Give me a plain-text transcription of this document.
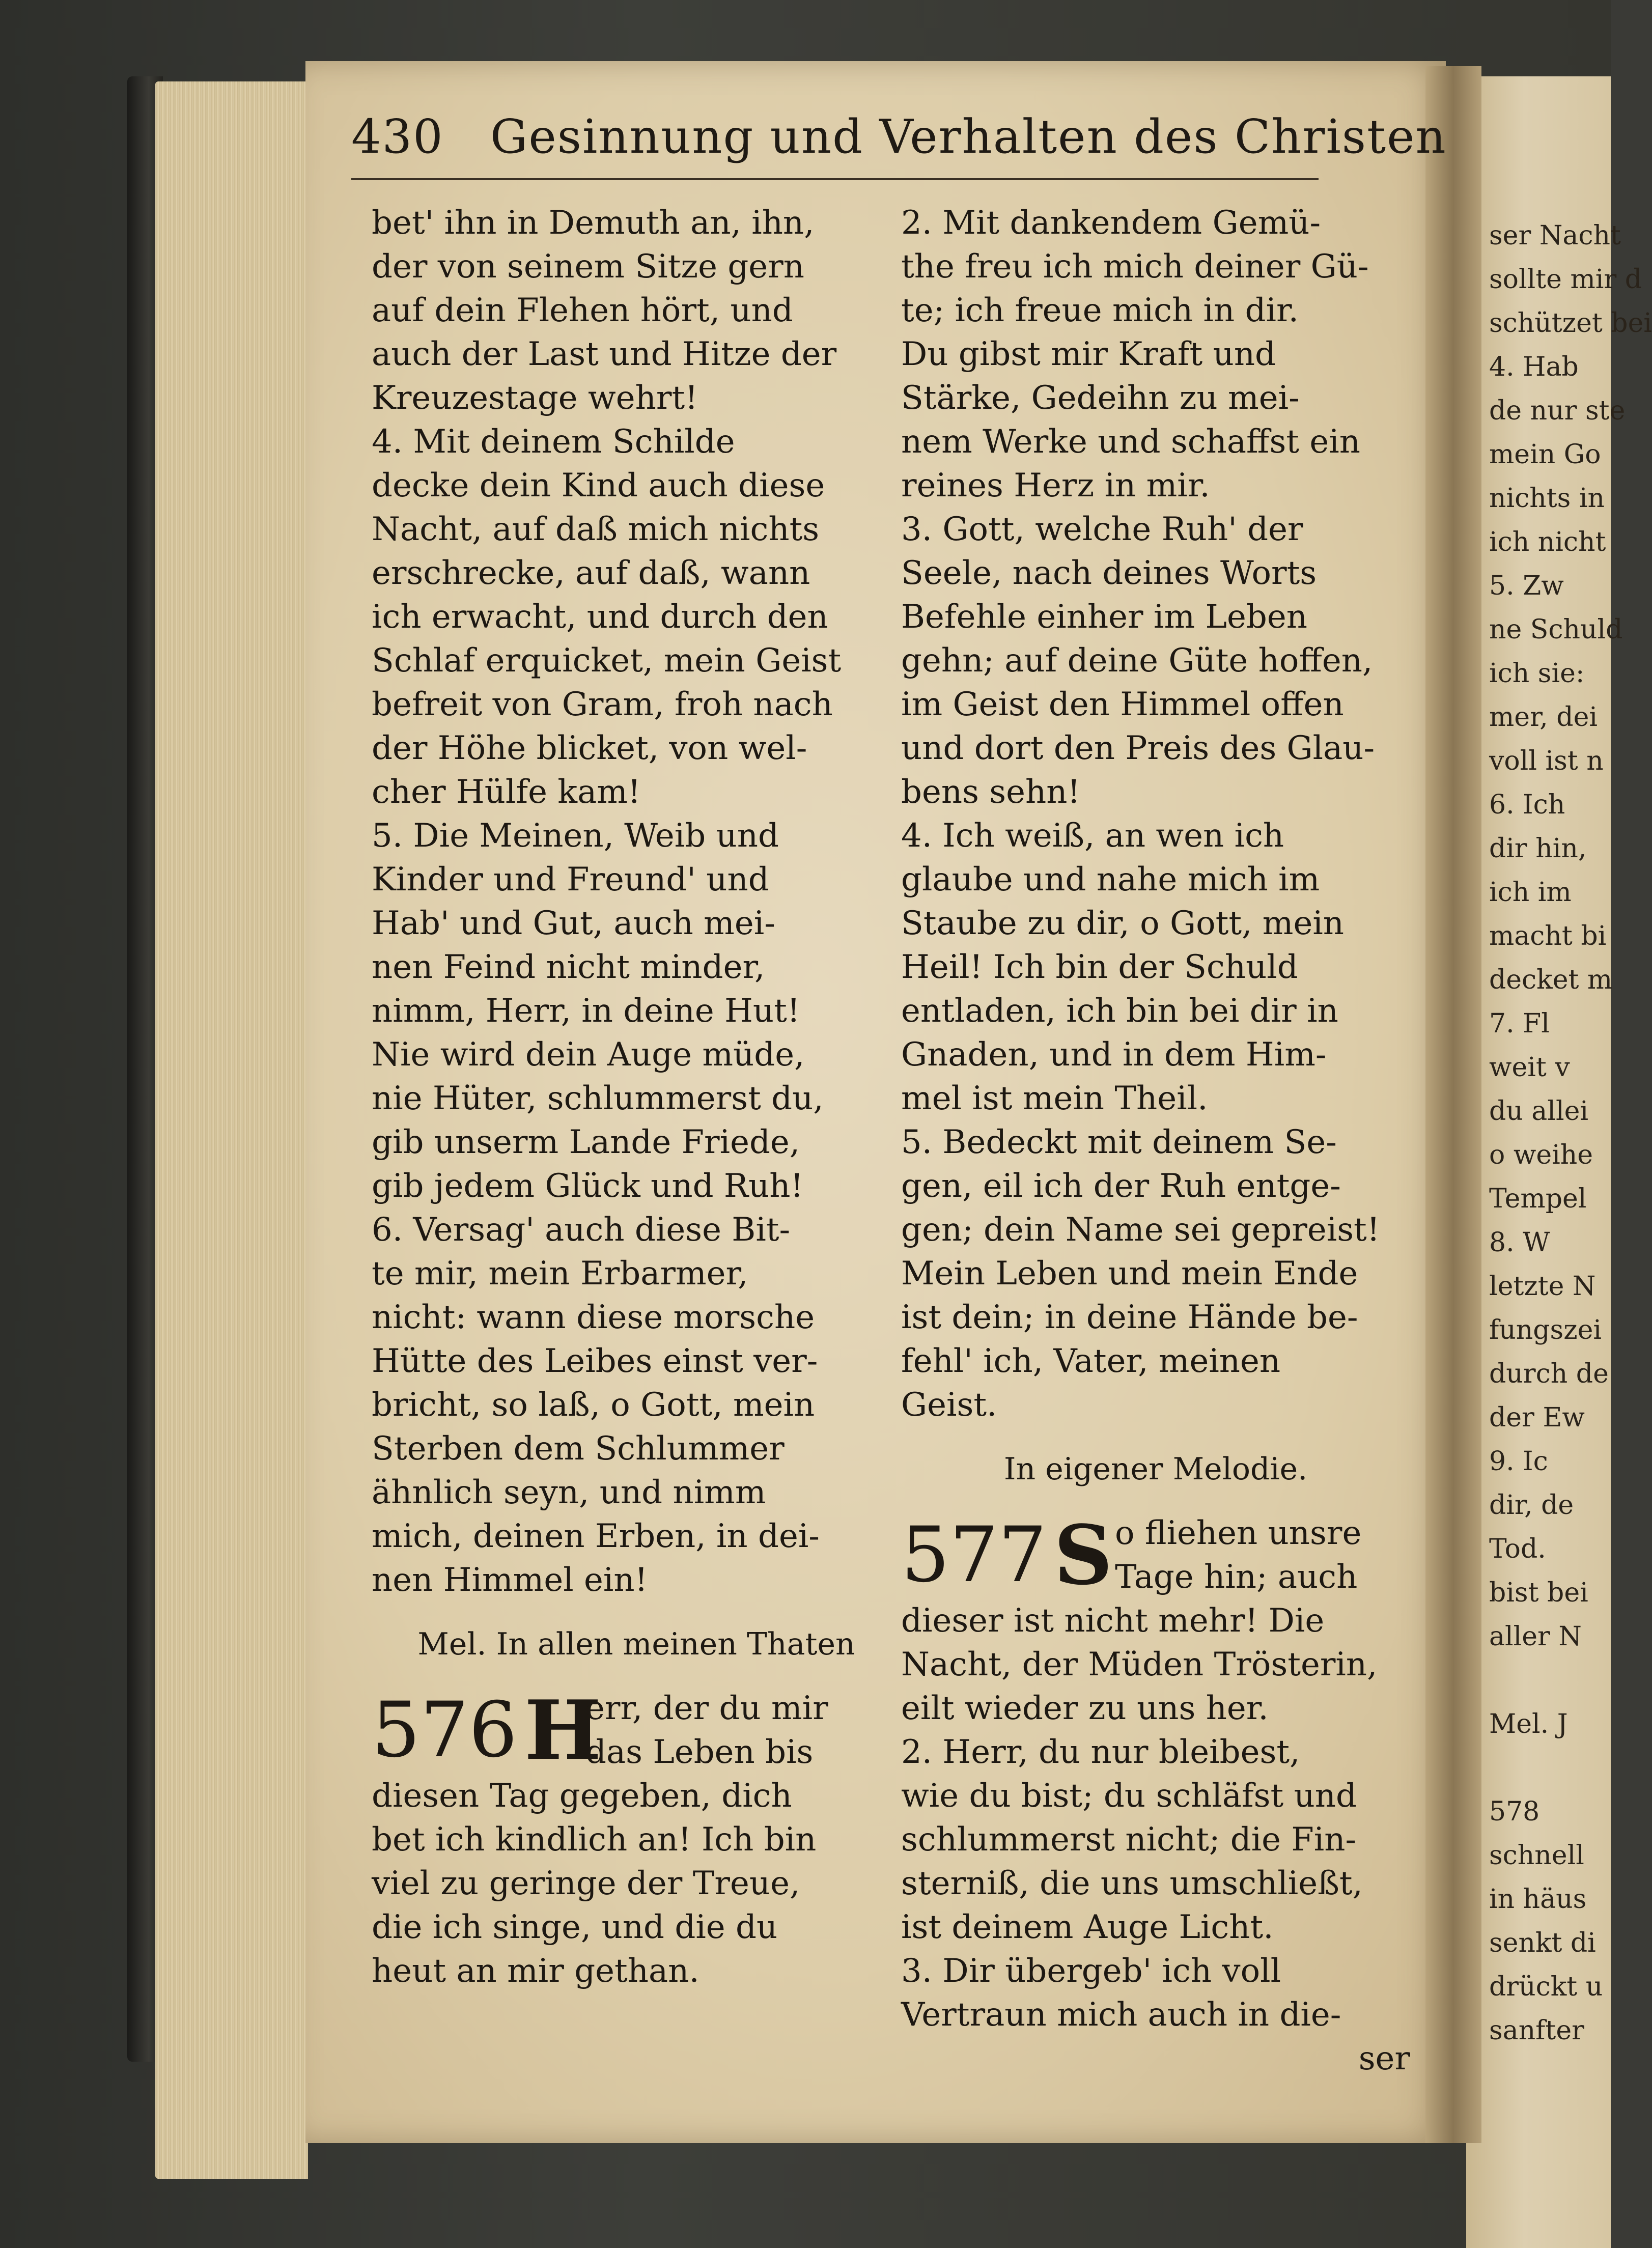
430 Gesinnung und Verhalten des Christen
bet' ihn in Demuth an, ihn,
der von seinem Sitze gern
auf dein Flehen hört, und
auch der Last und Hitze der
Kreuzestage wehrt!
4. Mit deinem Schilde
decke dein Kind auch diese
Nacht, auf daß mich nichts
erschrecke, auf daß, wann
ich erwacht, und durch den
Schlaf erquicket, mein Geist
befreit von Gram, froh nach
der Höhe blicket, von wel-
cher Hülfe kam!
5. Die Meinen, Weib und
Kinder und Freund' und
Hab' und Gut, auch mei-
nen Feind nicht minder,
nimm, Herr, in deine Hut!
Nie wird dein Auge müde,
nie Hüter, schlummerst du,
gib unserm Lande Friede,
gib jedem Glück und Ruh!
6. Versag' auch diese Bit-
te mir, mein Erbarmer,
nicht: wann diese morsche
Hütte des Leibes einst ver-
bricht, so laß, o Gott, mein
Sterben dem Schlummer
ähnlich seyn, und nimm
mich, deinen Erben, in dei-
nen Himmel ein!
Mel. In allen meinen Thaten
576 H
err, der du mir
das Leben bis
diesen Tag gegeben, dich
bet ich kindlich an! Ich bin
viel zu geringe der Treue,
die ich singe, und die du
heut an mir gethan.
2. Mit dankendem Gemü-
the freu ich mich deiner Gü-
te; ich freue mich in dir.
Du gibst mir Kraft und
Stärke, Gedeihn zu mei-
nem Werke und schaffst ein
reines Herz in mir.
3. Gott, welche Ruh' der
Seele, nach deines Worts
Befehle einher im Leben
gehn; auf deine Güte hoffen,
im Geist den Himmel offen
und dort den Preis des Glau-
bens sehn!
4. Ich weiß, an wen ich
glaube und nahe mich im
Staube zu dir, o Gott, mein
Heil! Ich bin der Schuld
entladen, ich bin bei dir in
Gnaden, und in dem Him-
mel ist mein Theil.
5. Bedeckt mit deinem Se-
gen, eil ich der Ruh entge-
gen; dein Name sei gepreist!
Mein Leben und mein Ende
ist dein; in deine Hände be-
fehl' ich, Vater, meinen
Geist.
In eigener Melodie.
577 S o fliehen unsre
Tage hin; auch
dieser ist nicht mehr! Die
Nacht, der Müden Trösterin,
eilt wieder zu uns her.
2. Herr, du nur bleibest,
wie du bist; du schläfst und
schlummerst nicht; die Fin-
sterniß, die uns umschließt,
ist deinem Auge Licht.
3. Dir übergeb' ich voll
Vertraun mich auch in die-
ser
ser Nacht
sollte mir d
schützet bei
4. Hab
de nur ste
mein Go
nichts in
ich nicht
5. Zw
ne Schuld
ich sie:
mer, dei
voll ist n
6. Ich
dir hin,
ich im
macht bi
decket m
7. Fl
weit v
du allei
o weihe
Tempel
8. W
letzte N
fungszei
durch de
der Ew
9. Ic
dir, de
Tod.
bist bei
aller N
Mel. J
578
schnell
in häus
senkt di
drückt u
sanfter
